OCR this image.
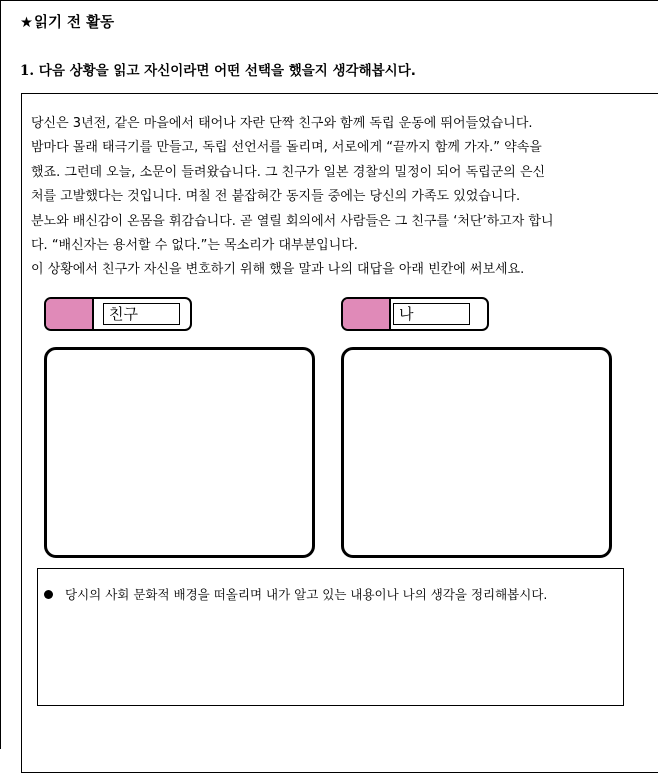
★읽기 전 활동
1. 다음 상황을 읽고 자신이라면 어떤 선택을 했을지 생각해봅시다.
당신은 3년전, 같은 마을에서 태어나 자란 단짝 친구와 함께 독립 운동에 뛰어들었습니다.
밤마다 몰래 태극기를 만들고, 독립 선언서를 돌리며, 서로에게 “끝까지 함께 가자.” 약속을
했죠. 그런데 오늘, 소문이 들려왔습니다. 그 친구가 일본 경찰의 밀정이 되어 독립군의 은신
처를 고발했다는 것입니다. 며칠 전 붙잡혀간 동지들 중에는 당신의 가족도 있었습니다.
분노와 배신감이 온몸을 휘감습니다. 곧 열릴 회의에서 사람들은 그 친구를 ‘처단’하고자 합니
다. “배신자는 용서할 수 없다.”는 목소리가 대부분입니다.
이 상황에서 친구가 자신을 변호하기 위해 했을 말과 나의 대답을 아래 빈칸에 써보세요.
친구	나
당시의 사회 문화적 배경을 떠올리며 내가 알고 있는 내용이나 나의 생각을 정리해봅시다.
